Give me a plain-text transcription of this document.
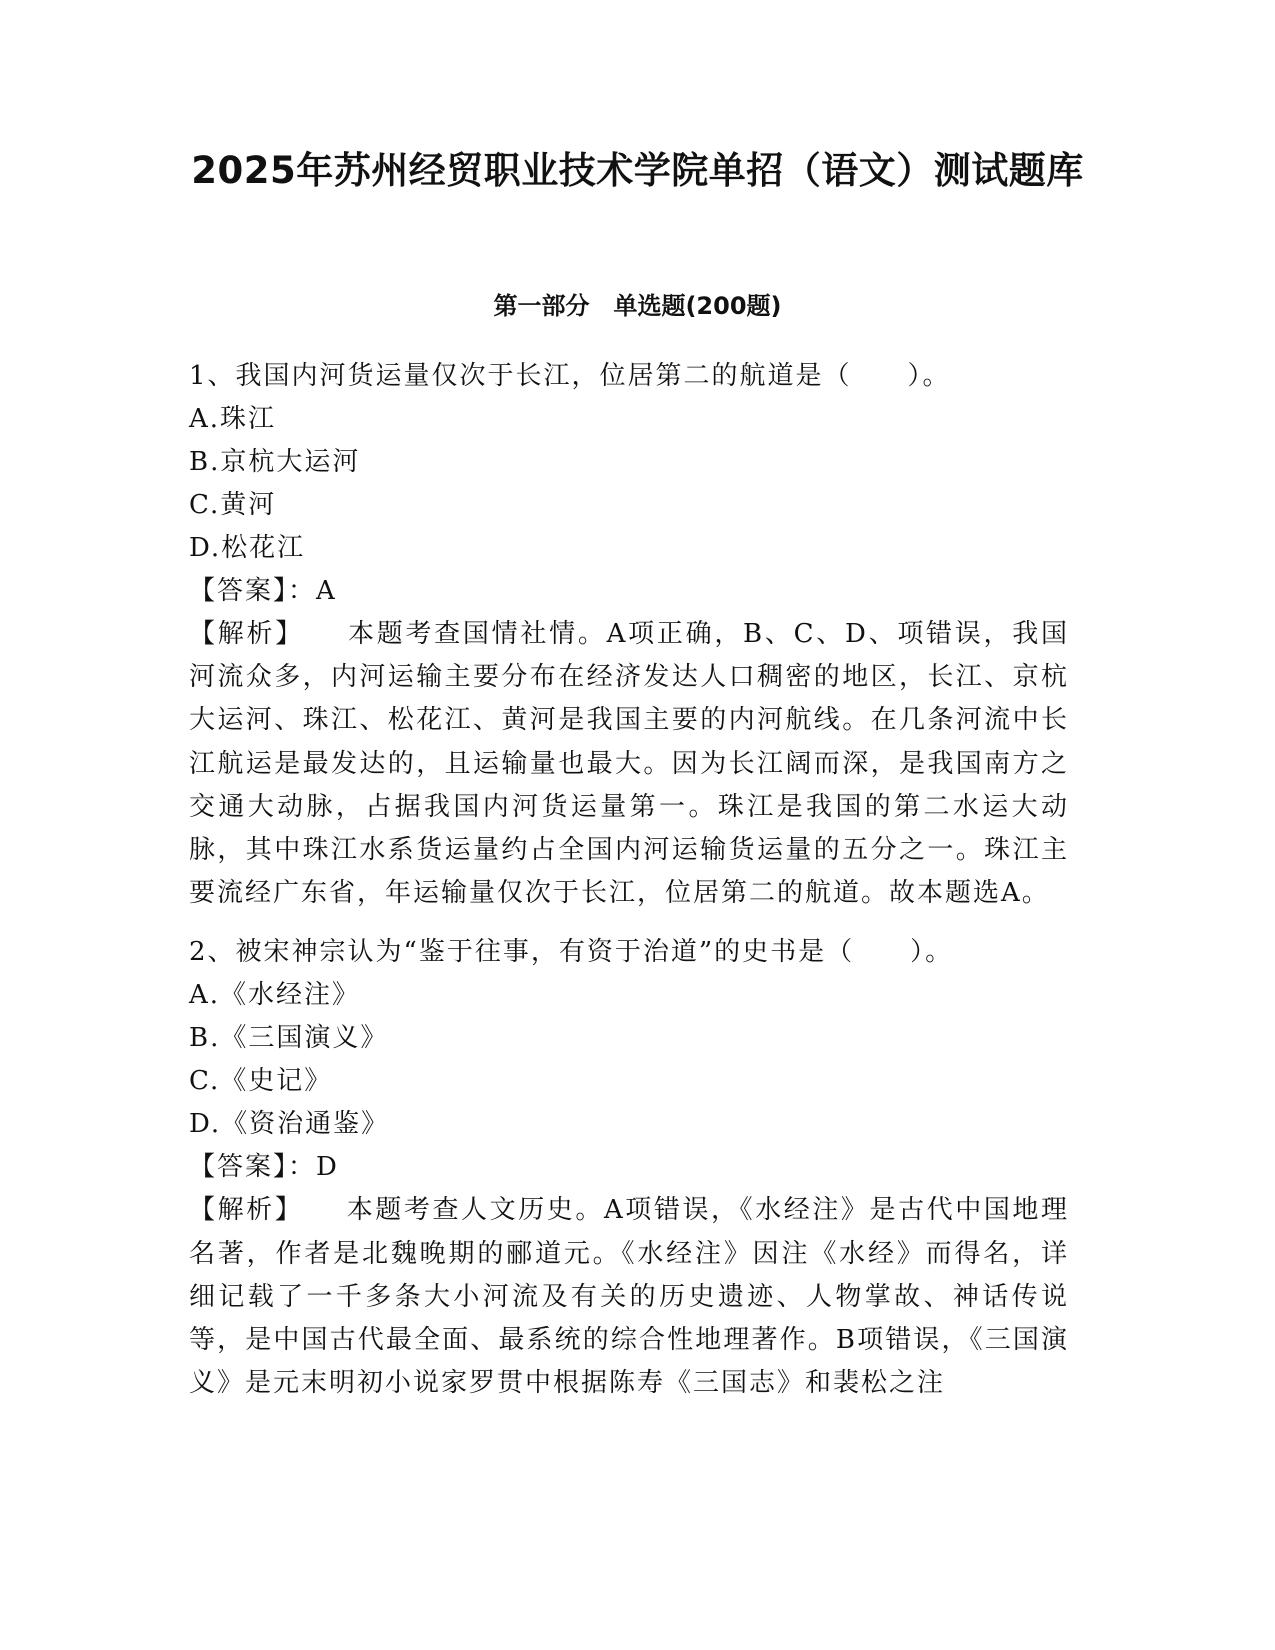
2025年苏州经贸职业技术学院单招（语文）测试题库
第一部分　单选题(200题)
1、我国内河货运量仅次于长江，位居第二的航道是（　　）。
A.珠江
B.京杭大运河
C.黄河
D.松花江
【答案】：A
【解析】 本题考查国情社情。A项正确，B、C、D、项错误，我国河流众多，内河运输主要分布在经济发达人口稠密的地区，长江、京杭大运河、珠江、松花江、黄河是我国主要的内河航线。在几条河流中长江航运是最发达的，且运输量也最大。因为长江阔而深，是我国南方之交通大动脉，占据我国内河货运量第一。珠江是我国的第二水运大动脉，其中珠江水系货运量约占全国内河运输货运量的五分之一。珠江主要流经广东省，年运输量仅次于长江，位居第二的航道。故本题选A。
2、被宋神宗认为“鉴于往事，有资于治道”的史书是（　　）。
A.《水经注》
B.《三国演义》
C.《史记》
D.《资治通鉴》
【答案】：D
【解析】 本题考查人文历史。A项错误，《水经注》是古代中国地理名著，作者是北魏晚期的郦道元。《水经注》因注《水经》而得名，详细记载了一千多条大小河流及有关的历史遗迹、人物掌故、神话传说等，是中国古代最全面、最系统的综合性地理著作。B项错误，《三国演义》是元末明初小说家罗贯中根据陈寿《三国志》和裴松之注
